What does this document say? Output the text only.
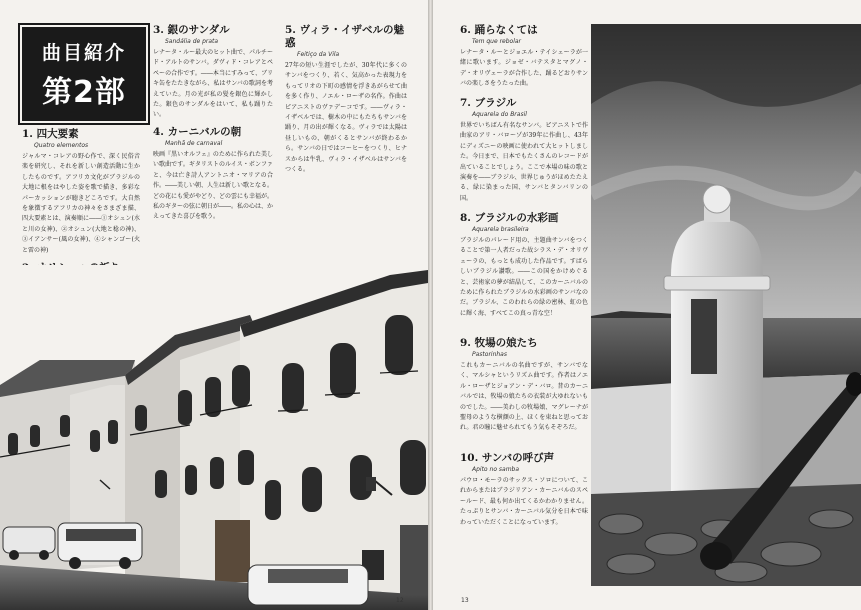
曲目紹介
第2部
1. 四大要素
Quatro elementos

ジャルマ・コレアの野心作で、深く民俗音楽を研究し、それを新しい創造活動に生かしたものです。アフリカ文化がブラジルの大地に根をはやした姿を歌で描き、多彩なパーカッションが聴きどころです。大自然を象徴するアフリカの神々をさまざま描、四大要素とは、演奏順に――①オシュン(水と川の女神)、②オシュン(大地と稔の神)、③イアンサー(風の女神)、④シャンゴー(火と雷の神)

3. 銀のサンダル
Sandália de prata

レナータ・ルー最大のヒット曲で、パルチード・アルトのサンバ。ダヴィド・コレアとペペーの合作です。――本当にすみって、ブリキ缶をたたきながら、私はサンバの歌詞を考えていた。月の光が私の髪を銀色に輝かした。銀色のサンダルをはいて、私も踊りたい。

4. カーニバルの朝
Manhã de carnaval

映画『黒いオルフェ』のために作られた美しい歌曲です。ギタリストのルイス・ボンファと、今は亡き詩人アントニオ・マリアの合作。――美しい朝、人生は新しい歌となる。どの花にも愛がやどり、どの雲にも幸福が。私のギターの弦に朝日が――。私の心は、かえってきた喜びを歌う。

5. ヴィラ・イザベルの魅惑
Feitiço da Vila

27年の短い生涯でしたが、30年代に多くのサンバをつくり、若く、気高かった表現力をもってリオの下町の感情を浮きあがらせて曲を多く作り、ノエル・ローザの名作。作曲はピアニストのヴァデーコです。――ヴィラ・イザベルでは、樹木の中にもたちもサンバを踊り、月の出が輝くなる。ヴィラでは太陽は昼しいもの、朝がくるとサンバが終わるから。サンバの日ではコーヒーをつくり、ヒナスからは牛乳、ヴィラ・イザベルはサンバをつくる。

12
6. 踊らなくては
Tem que rebolar

レナータ・ルーとジョエル・テイシェーラが一緒に歌います。ジョゼ・バテスタとマグノ・デ・オリヴェーラが合作した、踊るどおりサンバの楽しさをうたった曲。

7. ブラジル
Aquarela do Brasil

世界でいちばん有名なサンバ。ピアニストで作曲家のアリ・バローゾが39年に作曲し、43年にディズニーの映画に使われて大ヒットしました。今日まで、日本でもたくさんのレコードが出ていることでしょう。ここで本場の味の歌と演奏を――ブラジル、世界じゅうがほめたたえる、緑に染まった国、サンバとタンバリンの国。

8. ブラジルの水彩画
Aquarela brasileira

ブラジルのパレード用の、主題曲サンバをつくることで第一人者だった故シラス・デ・オリヴェーラの、もっとも成功した作品です。すばらしいブラジル讃歌。――この国をかけめぐると、芸術家の夢が結晶して、このカーニバルのために作られたブラジルの水彩画のサンバなのだ。ブラジル、このわれらの緑の密林、虹の色に輝く海、すべてこの真っ青な空！

9. 牧場の娘たち
Pastorinhas

これもカーニバルの名曲ですが、サンバでなく、マルシャというリズム曲です。作者はノエル・ローザとジョアン・デ・バロ。昔のカーニバルでは、牧場の娘たちの衣装が大ゆれないものでした。――美わしの牧場娘、マグレーナが聖母のような横顔の上、ほくを束ねと思っておれ。君の瞳に魅せられてもう気もそぞろだ。

10. サンバの呼び声
Apito no samba

パウロ・モーラのサックス・ソロについて、これからまたはブラジリアン・カーニバルのスペールード、最も何か出てくるかわかりません。たっぷりとサンバ・カーニバル気分を日本で味わっていただくことになっています。

13
